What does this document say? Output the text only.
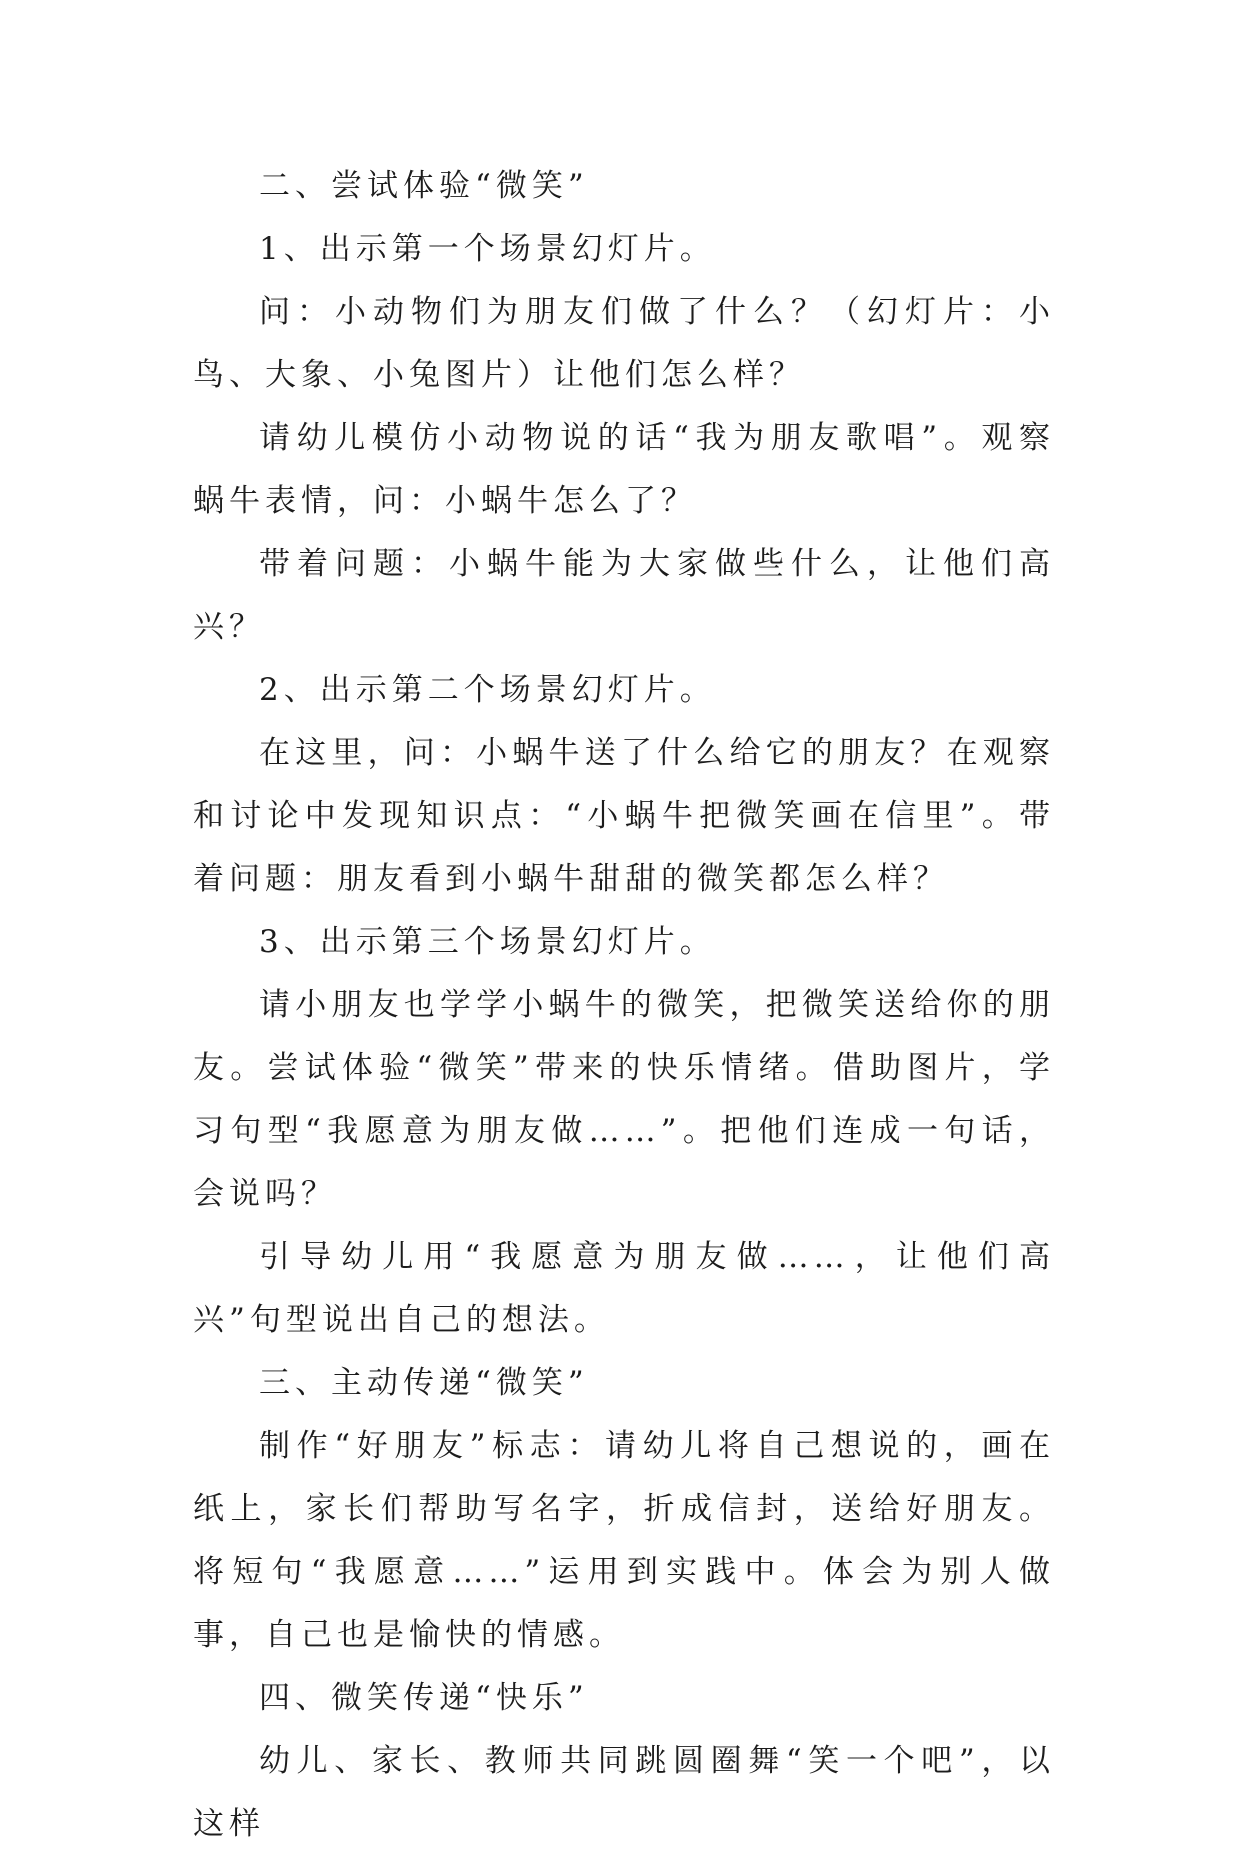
二、尝试体验“微笑”

1、出示第一个场景幻灯片。

问：小动物们为朋友们做了什么？（幻灯片：小鸟、大象、小兔图片）让他们怎么样？

请幼儿模仿小动物说的话“我为朋友歌唱”。观察蜗牛表情，问：小蜗牛怎么了？

带着问题：小蜗牛能为大家做些什么，让他们高兴？

2、出示第二个场景幻灯片。

在这里，问：小蜗牛送了什么给它的朋友？在观察和讨论中发现知识点：“小蜗牛把微笑画在信里”。带着问题：朋友看到小蜗牛甜甜的微笑都怎么样？

3、出示第三个场景幻灯片。

请小朋友也学学小蜗牛的微笑，把微笑送给你的朋友。尝试体验“微笑”带来的快乐情绪。借助图片，学习句型“我愿意为朋友做……”。把他们连成一句话，会说吗？

引导幼儿用“我愿意为朋友做……，让他们高兴”句型说出自己的想法。

三、主动传递“微笑”

制作“好朋友”标志：请幼儿将自己想说的，画在纸上，家长们帮助写名字，折成信封，送给好朋友。将短句“我愿意……”运用到实践中。体会为别人做事，自己也是愉快的情感。

四、微笑传递“快乐”

幼儿、家长、教师共同跳圆圈舞“笑一个吧”，以这样
